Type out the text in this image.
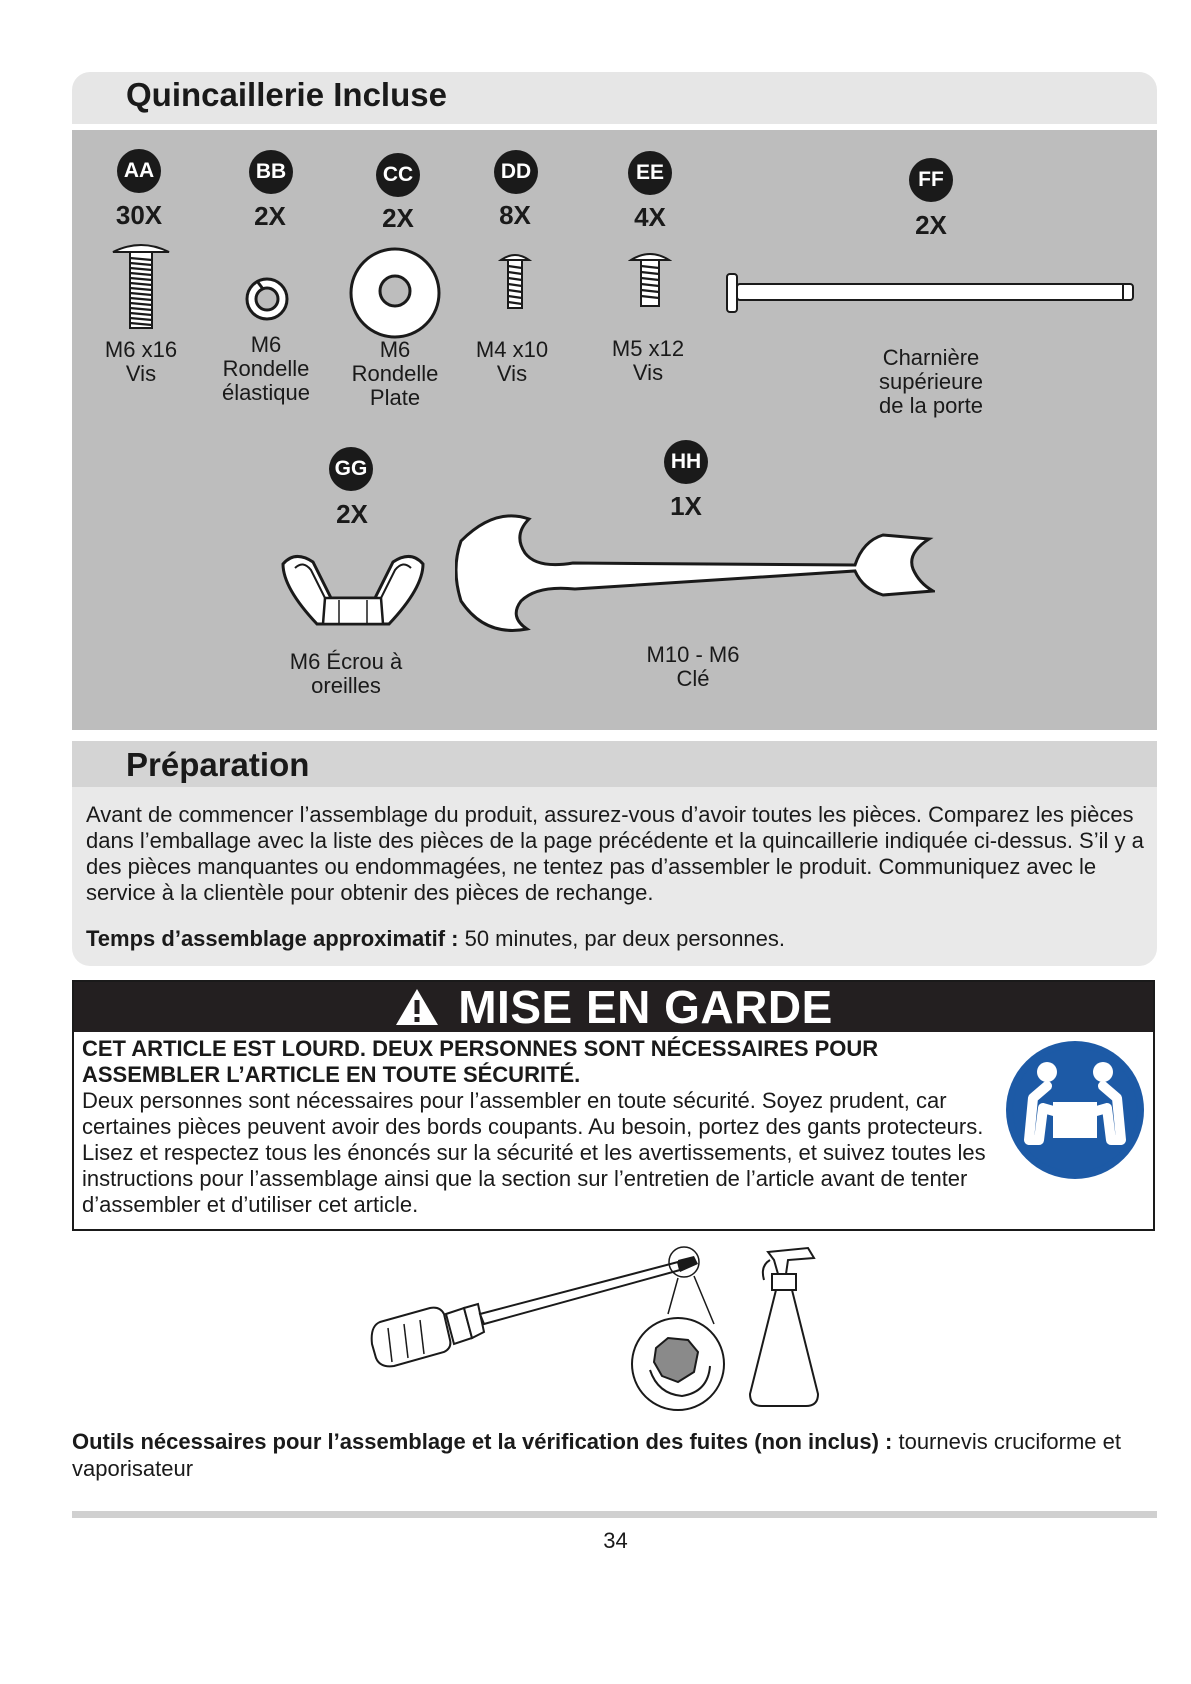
Quincaillerie Incluse
AA
30X
M6 x16
Vis
BB
2X
M6
Rondelle
élastique
CC
2X
M6
Rondelle
Plate
DD
8X
M4 x10
Vis
EE
4X
M5 x12
Vis
FF
2X
Charnière
supérieure
de la porte
GG
2X
M6 Écrou à
oreilles
HH
1X
M10 - M6
Clé
Préparation
Avant de commencer l’assemblage du produit, assurez-vous d’avoir toutes les pièces. Comparez les pièces dans l’emballage avec la liste des pièces de la page précédente et la quincaillerie indiquée ci-dessus. S’il y a des pièces manquantes ou endommagées, ne tentez pas d’assembler le produit. Communiquez avec le service à la clientèle pour obtenir des pièces de rechange.
Temps d’assemblage approximatif : 50 minutes, par deux personnes.
MISE EN GARDE
CET ARTICLE EST LOURD. DEUX PERSONNES SONT NÉCESSAIRES POUR ASSEMBLER L’ARTICLE EN TOUTE SÉCURITÉ.
Deux personnes sont nécessaires pour l’assembler en toute sécurité. Soyez prudent, car certaines pièces peuvent avoir des bords coupants. Au besoin, portez des gants protecteurs. Lisez et respectez tous les énoncés sur la sécurité et les avertissements, et suivez toutes les instructions pour l’assemblage ainsi que la section sur l’entretien de l’article avant de tenter d’assembler et d’utiliser cet article.
Outils nécessaires pour l’assemblage et la vérification des fuites (non inclus) : tournevis cruciforme et vaporisateur
34
